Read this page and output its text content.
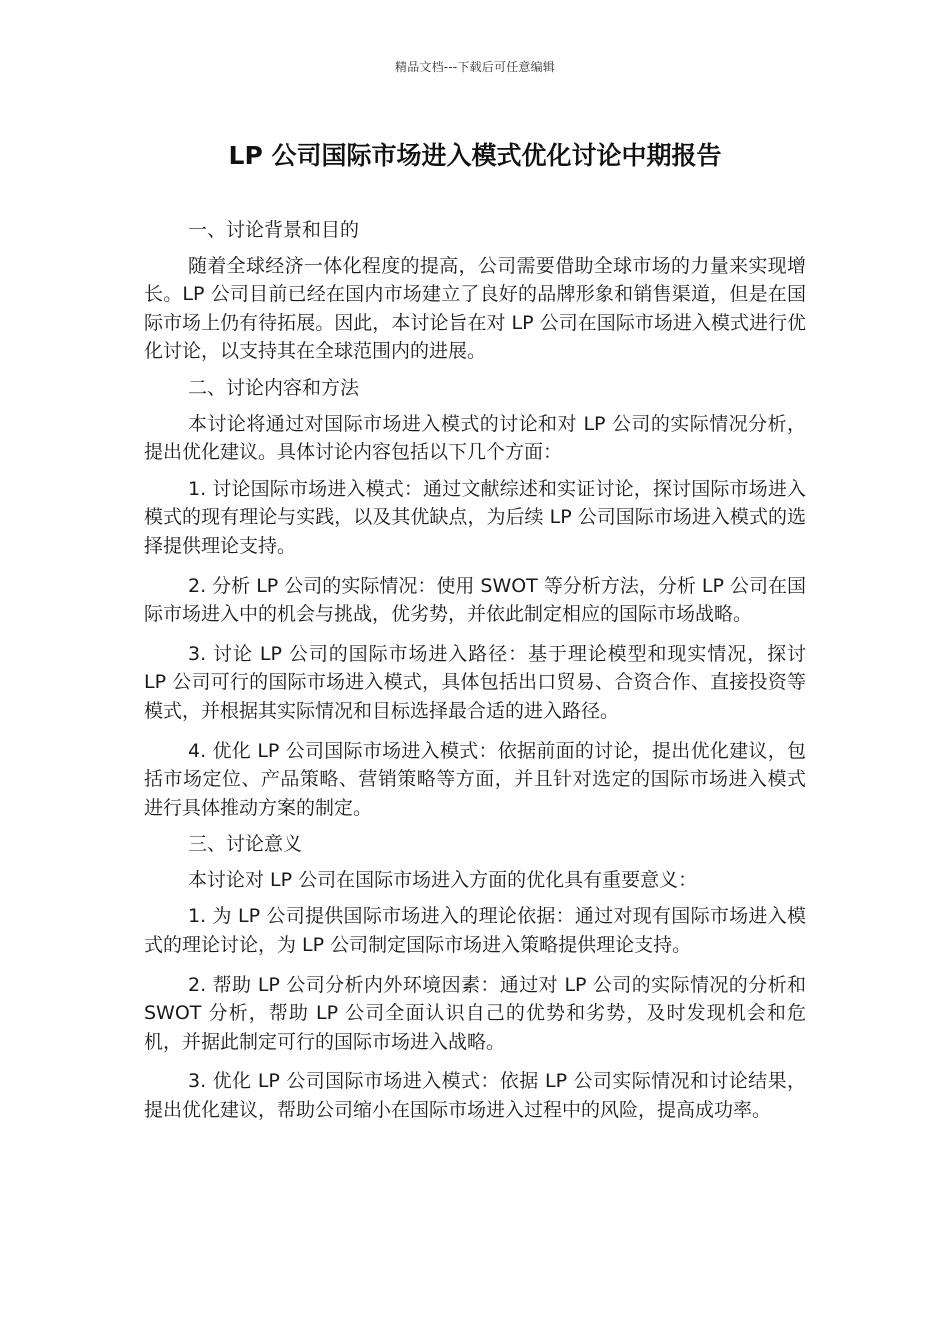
精品文档---下载后可任意编辑
LP 公司国际市场进入模式优化讨论中期报告

一、讨论背景和目的

随着全球经济一体化程度的提高，公司需要借助全球市场的力量来实现增长。LP 公司目前已经在国内市场建立了良好的品牌形象和销售渠道，但是在国际市场上仍有待拓展。因此，本讨论旨在对 LP 公司在国际市场进入模式进行优化讨论，以支持其在全球范围内的进展。

二、讨论内容和方法

本讨论将通过对国际市场进入模式的讨论和对 LP 公司的实际情况分析，提出优化建议。具体讨论内容包括以下几个方面：

1. 讨论国际市场进入模式：通过文献综述和实证讨论，探讨国际市场进入模式的现有理论与实践，以及其优缺点，为后续 LP 公司国际市场进入模式的选择提供理论支持。

2. 分析 LP 公司的实际情况：使用 SWOT 等分析方法，分析 LP 公司在国际市场进入中的机会与挑战，优劣势，并依此制定相应的国际市场战略。

3. 讨论 LP 公司的国际市场进入路径：基于理论模型和现实情况，探讨 LP 公司可行的国际市场进入模式，具体包括出口贸易、合资合作、直接投资等模式，并根据其实际情况和目标选择最合适的进入路径。

4. 优化 LP 公司国际市场进入模式：依据前面的讨论，提出优化建议，包括市场定位、产品策略、营销策略等方面，并且针对选定的国际市场进入模式进行具体推动方案的制定。

三、讨论意义

本讨论对 LP 公司在国际市场进入方面的优化具有重要意义：

1. 为 LP 公司提供国际市场进入的理论依据：通过对现有国际市场进入模式的理论讨论，为 LP 公司制定国际市场进入策略提供理论支持。

2. 帮助 LP 公司分析内外环境因素：通过对 LP 公司的实际情况的分析和 SWOT 分析，帮助 LP 公司全面认识自己的优势和劣势，及时发现机会和危机，并据此制定可行的国际市场进入战略。

3. 优化 LP 公司国际市场进入模式：依据 LP 公司实际情况和讨论结果，提出优化建议，帮助公司缩小在国际市场进入过程中的风险，提高成功率。
